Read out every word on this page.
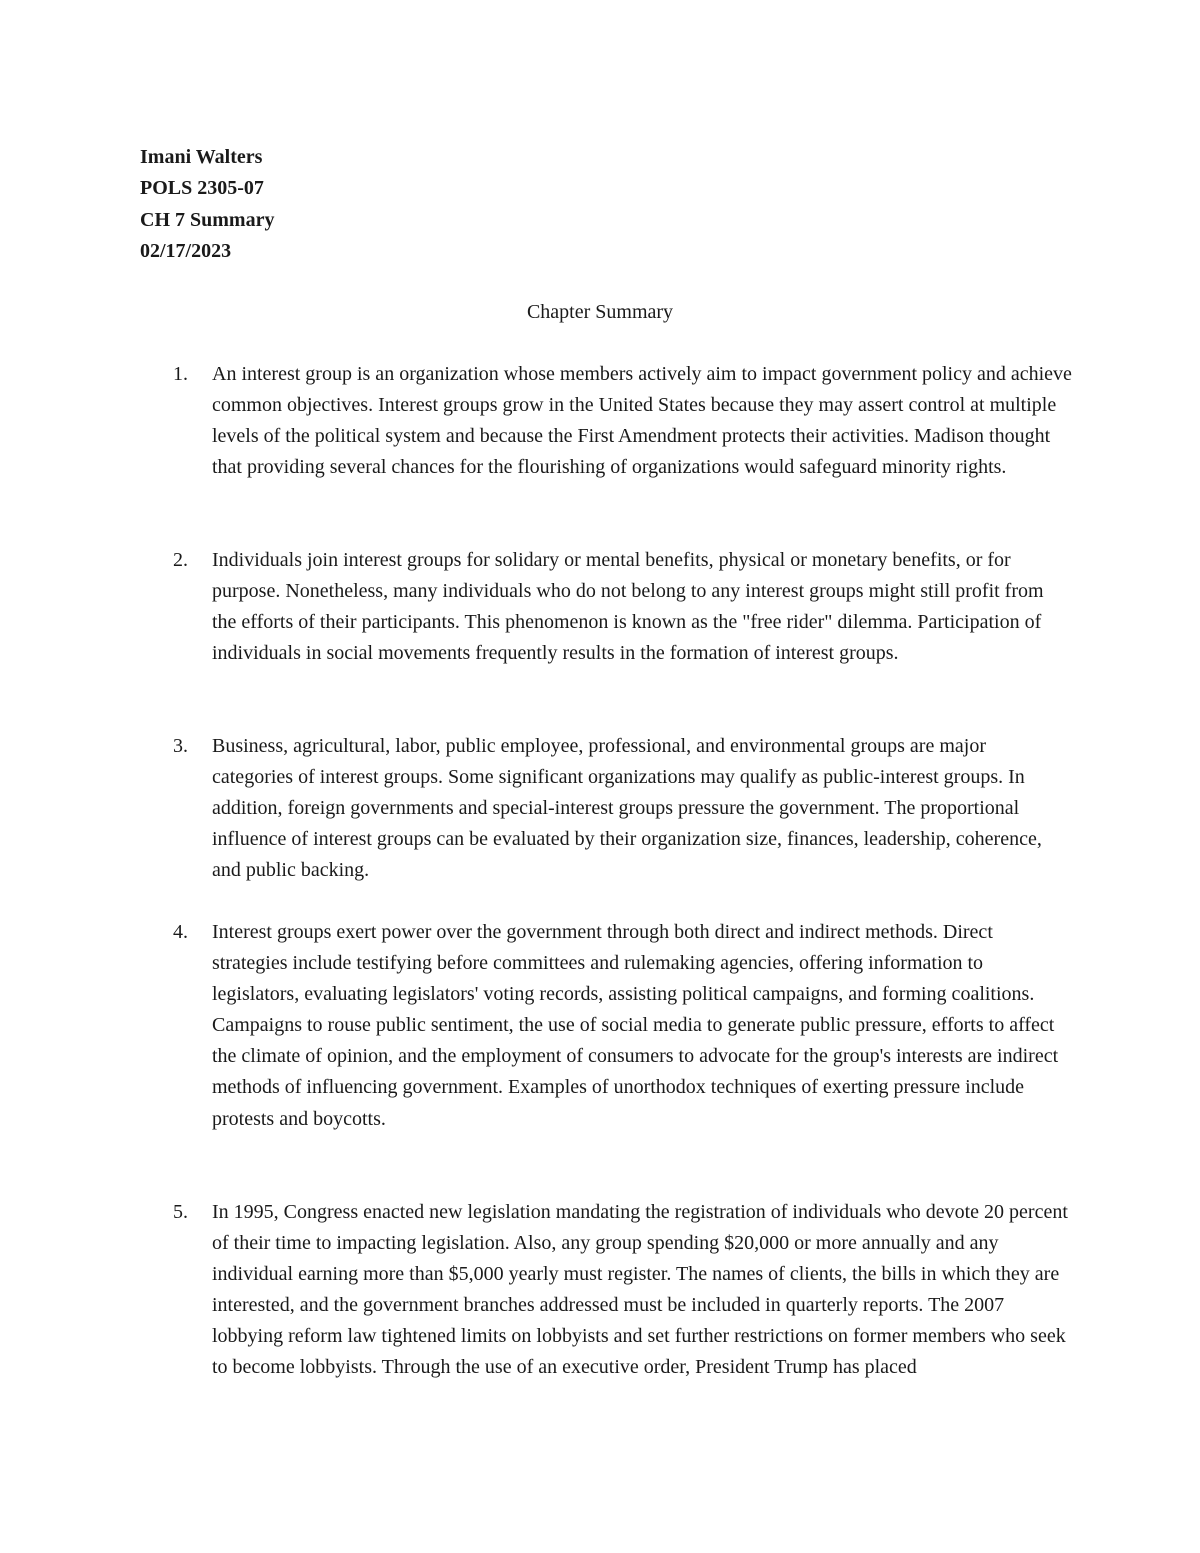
Imani Walters
POLS 2305-07
CH 7 Summary
02/17/2023
Chapter Summary
1. An interest group is an organization whose members actively aim to impact government policy and achieve common objectives. Interest groups grow in the United States because they may assert control at multiple levels of the political system and because the First Amendment protects their activities. Madison thought that providing several chances for the flourishing of organizations would safeguard minority rights.
2. Individuals join interest groups for solidary or mental benefits, physical or monetary benefits, or for purpose. Nonetheless, many individuals who do not belong to any interest groups might still profit from the efforts of their participants. This phenomenon is known as the "free rider" dilemma. Participation of individuals in social movements frequently results in the formation of interest groups.
3. Business, agricultural, labor, public employee, professional, and environmental groups are major categories of interest groups. Some significant organizations may qualify as public-interest groups. In addition, foreign governments and special-interest groups pressure the government. The proportional influence of interest groups can be evaluated by their organization size, finances, leadership, coherence, and public backing.
4. Interest groups exert power over the government through both direct and indirect methods. Direct strategies include testifying before committees and rulemaking agencies, offering information to legislators, evaluating legislators' voting records, assisting political campaigns, and forming coalitions. Campaigns to rouse public sentiment, the use of social media to generate public pressure, efforts to affect the climate of opinion, and the employment of consumers to advocate for the group's interests are indirect methods of influencing government. Examples of unorthodox techniques of exerting pressure include protests and boycotts.
5. In 1995, Congress enacted new legislation mandating the registration of individuals who devote 20 percent of their time to impacting legislation. Also, any group spending $20,000 or more annually and any individual earning more than $5,000 yearly must register. The names of clients, the bills in which they are interested, and the government branches addressed must be included in quarterly reports. The 2007 lobbying reform law tightened limits on lobbyists and set further restrictions on former members who seek to become lobbyists. Through the use of an executive order, President Trump has placed
